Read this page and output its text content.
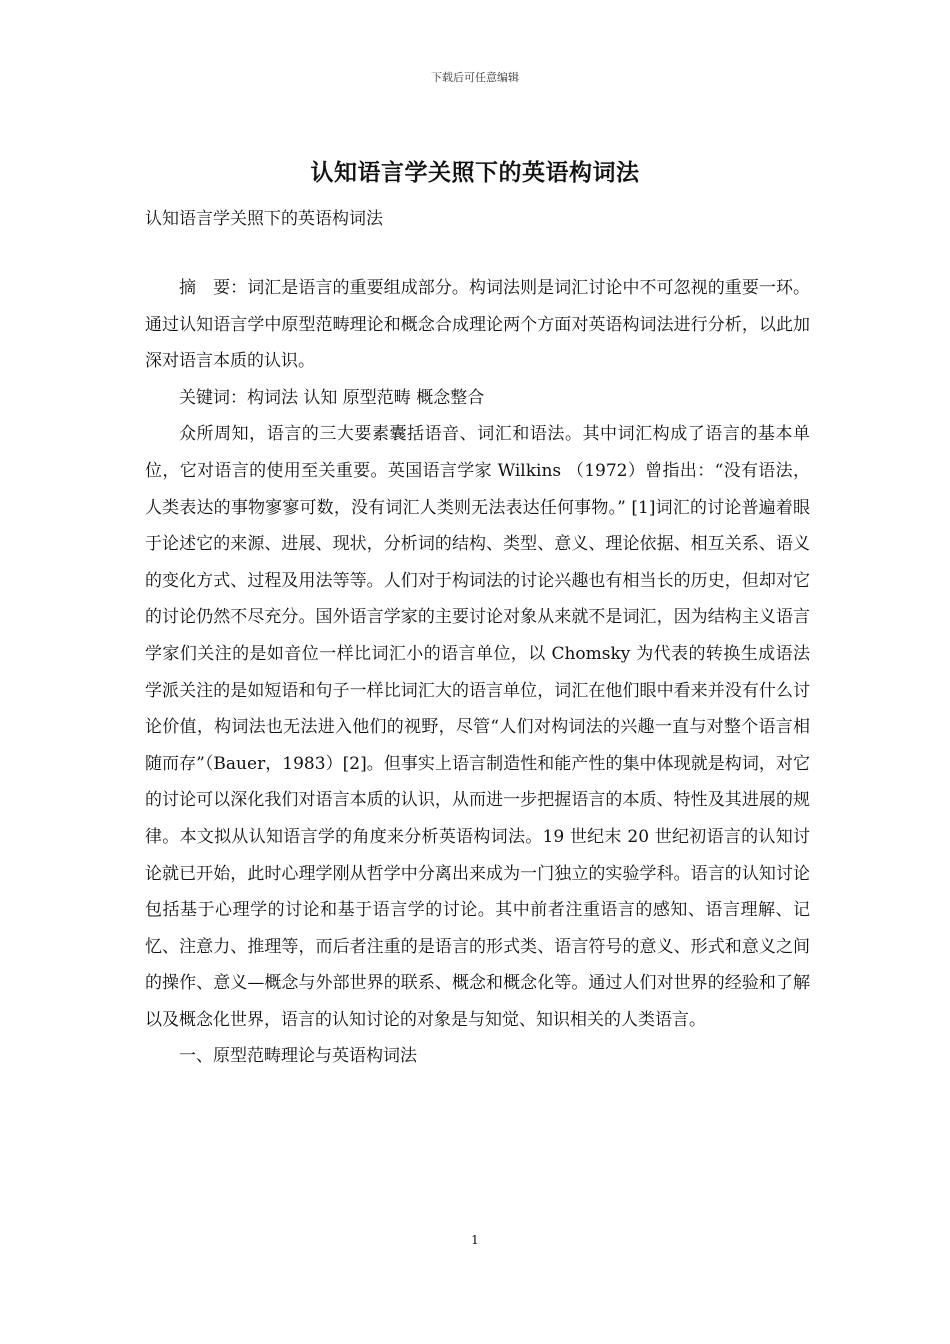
下载后可任意编辑
认知语言学关照下的英语构词法
认知语言学关照下的英语构词法

摘　要：词汇是语言的重要组成部分。构词法则是词汇讨论中不可忽视的重要一环。通过认知语言学中原型范畴理论和概念合成理论两个方面对英语构词法进行分析，以此加深对语言本质的认识。

关键词：构词法 认知 原型范畴 概念整合

众所周知，语言的三大要素囊括语音、词汇和语法。其中词汇构成了语言的基本单位，它对语言的使用至关重要。英国语言学家 Wilkins （1972）曾指出：“没有语法，人类表达的事物寥寥可数，没有词汇人类则无法表达任何事物。” [1]词汇的讨论普遍着眼于论述它的来源、进展、现状，分析词的结构、类型、意义、理论依据、相互关系、语义的变化方式、过程及用法等等。人们对于构词法的讨论兴趣也有相当长的历史，但却对它的讨论仍然不尽充分。国外语言学家的主要讨论对象从来就不是词汇，因为结构主义语言学家们关注的是如音位一样比词汇小的语言单位，以 Chomsky 为代表的转换生成语法学派关注的是如短语和句子一样比词汇大的语言单位，词汇在他们眼中看来并没有什么讨论价值，构词法也无法进入他们的视野，尽管“人们对构词法的兴趣一直与对整个语言相随而存”（Bauer，1983）[2]。但事实上语言制造性和能产性的集中体现就是构词，对它的讨论可以深化我们对语言本质的认识，从而进一步把握语言的本质、特性及其进展的规律。本文拟从认知语言学的角度来分析英语构词法。19 世纪末 20 世纪初语言的认知讨论就已开始，此时心理学刚从哲学中分离出来成为一门独立的实验学科。语言的认知讨论包括基于心理学的讨论和基于语言学的讨论。其中前者注重语言的感知、语言理解、记忆、注意力、推理等，而后者注重的是语言的形式类、语言符号的意义、形式和意义之间的操作、意义—概念与外部世界的联系、概念和概念化等。通过人们对世界的经验和了解以及概念化世界，语言的认知讨论的对象是与知觉、知识相关的人类语言。

一、原型范畴理论与英语构词法

1
